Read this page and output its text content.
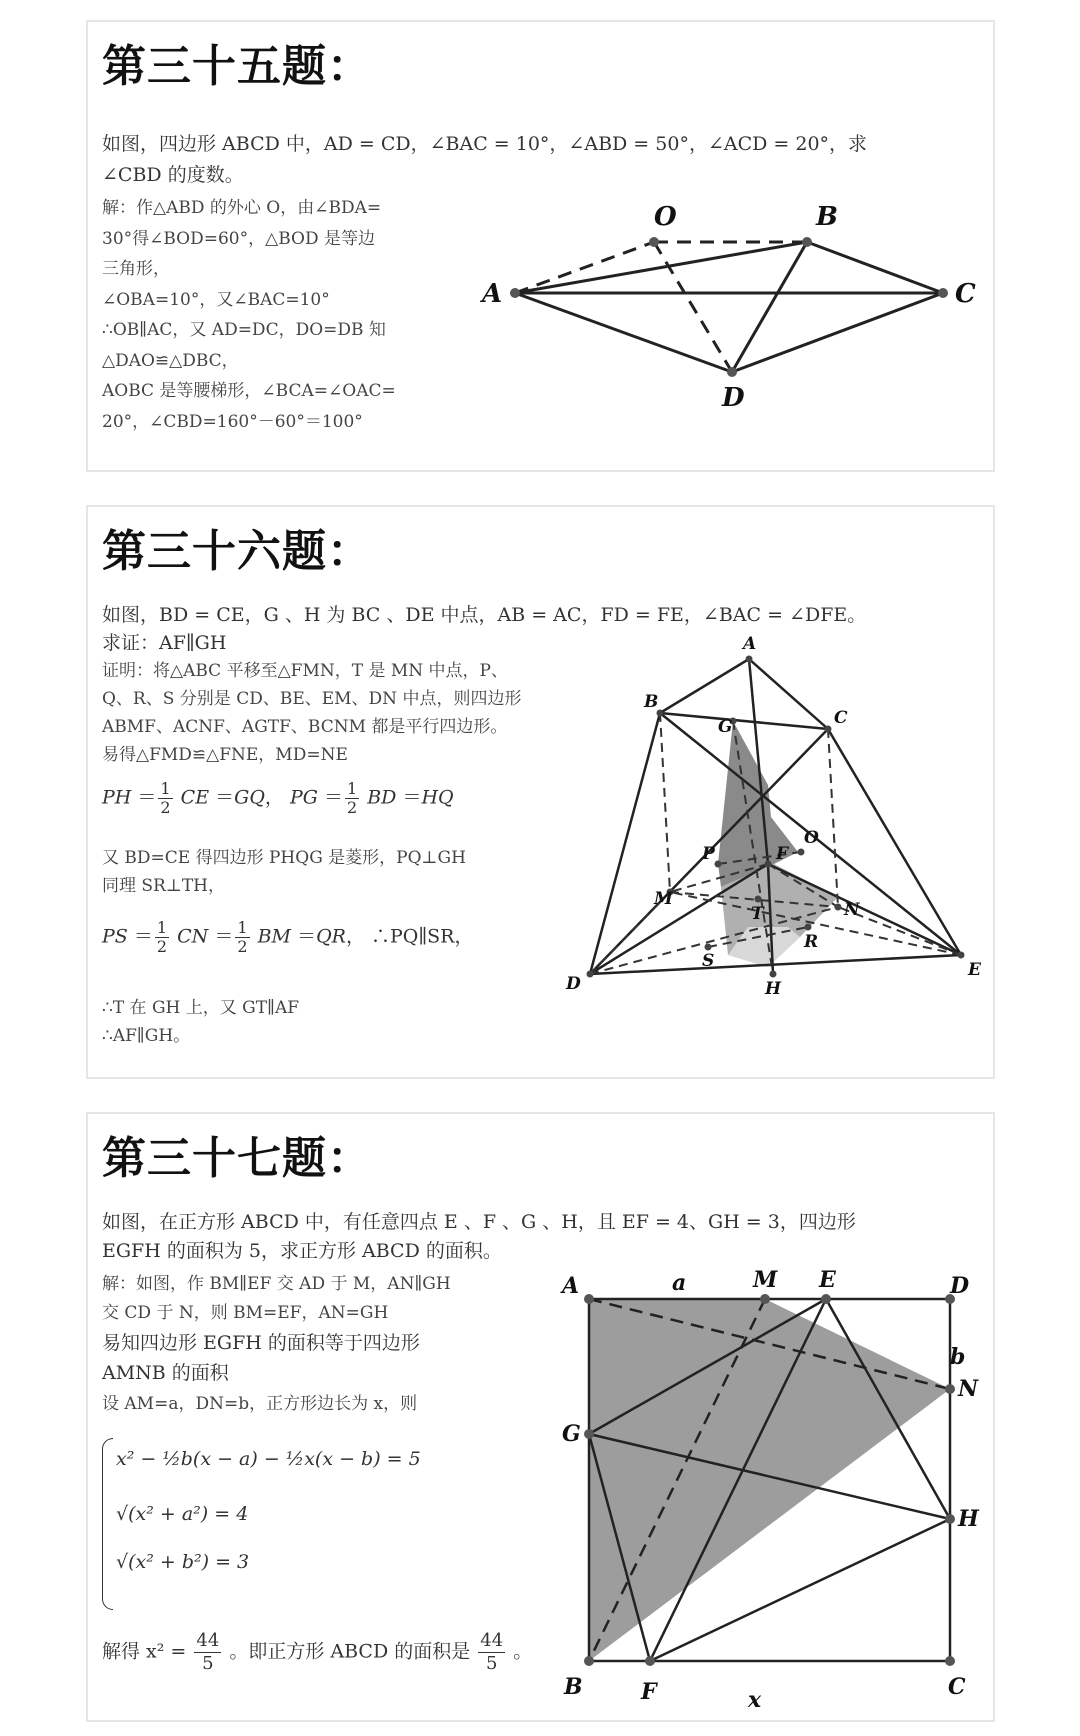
第三十五题：
如图，四边形 ABCD 中，AD = CD，∠BAC = 10°，∠ABD = 50°，∠ACD = 20°，求
∠CBD 的度数。
解：作△ABD 的外心 O，由∠BDA=
30°得∠BOD=60°，△BOD 是等边
三角形，
∠OBA=10°，又∠BAC=10°
∴OB∥AC，又 AD=DC，DO=DB 知
△DAO≌△DBC，
AOBC 是等腰梯形，∠BCA=∠OAC=
20°，∠CBD=160°－60°＝100°
O	B
A	C
D
第三十六题：
如图，BD = CE，G 、H 为 BC 、DE 中点，AB = AC，FD = FE，∠BAC = ∠DFE。
求证：AF∥GH
证明：将△ABC 平移至△FMN，T 是 MN 中点，P、
Q、R、S 分别是 CD、BE、EM、DN 中点，则四边形
ABMF、ACNF、AGTF、BCNM 都是平行四边形。
易得△FMD≌△FNE，MD=NE
PH ＝ $\frac{1}{2}$ CE ＝GQ， PG ＝ $\frac{1}{2}$ BD ＝HQ
又 BD=CE 得四边形 PHQG 是菱形，PQ⊥GH
同理 SR⊥TH，
PS ＝ $\frac{1}{2}$ CN ＝ $\frac{1}{2}$ BM ＝QR， ∴PQ∥SR，
∴T 在 GH 上，又 GT∥AF
∴AF∥GH。
A
B
C
G
O
P	F
M
N
T
S
R
D	H
E
第三十七题：
如图，在正方形 ABCD 中，有任意四点 E 、F 、G 、H，且 EF = 4、GH = 3，四边形
EGFH 的面积为 5，求正方形 ABCD 的面积。
解：如图，作 BM∥EF 交 AD 于 M，AN∥GH
交 CD 于 N，则 BM=EF，AN=GH
易知四边形 EGFH 的面积等于四边形
AMNB 的面积
设 AM=a，DN=b，正方形边长为 x，则
x² − ½b(x − a) − ½x(x − b) = 5
√(x² + a²) = 4
√(x² + b²) = 3
解得 $x^2 = \frac{44}{5}$ 。即正方形 ABCD 的面积是 $\frac{44}{5}$ 。
A	a	M E	D
b
N
G
H
B	F	x	C
